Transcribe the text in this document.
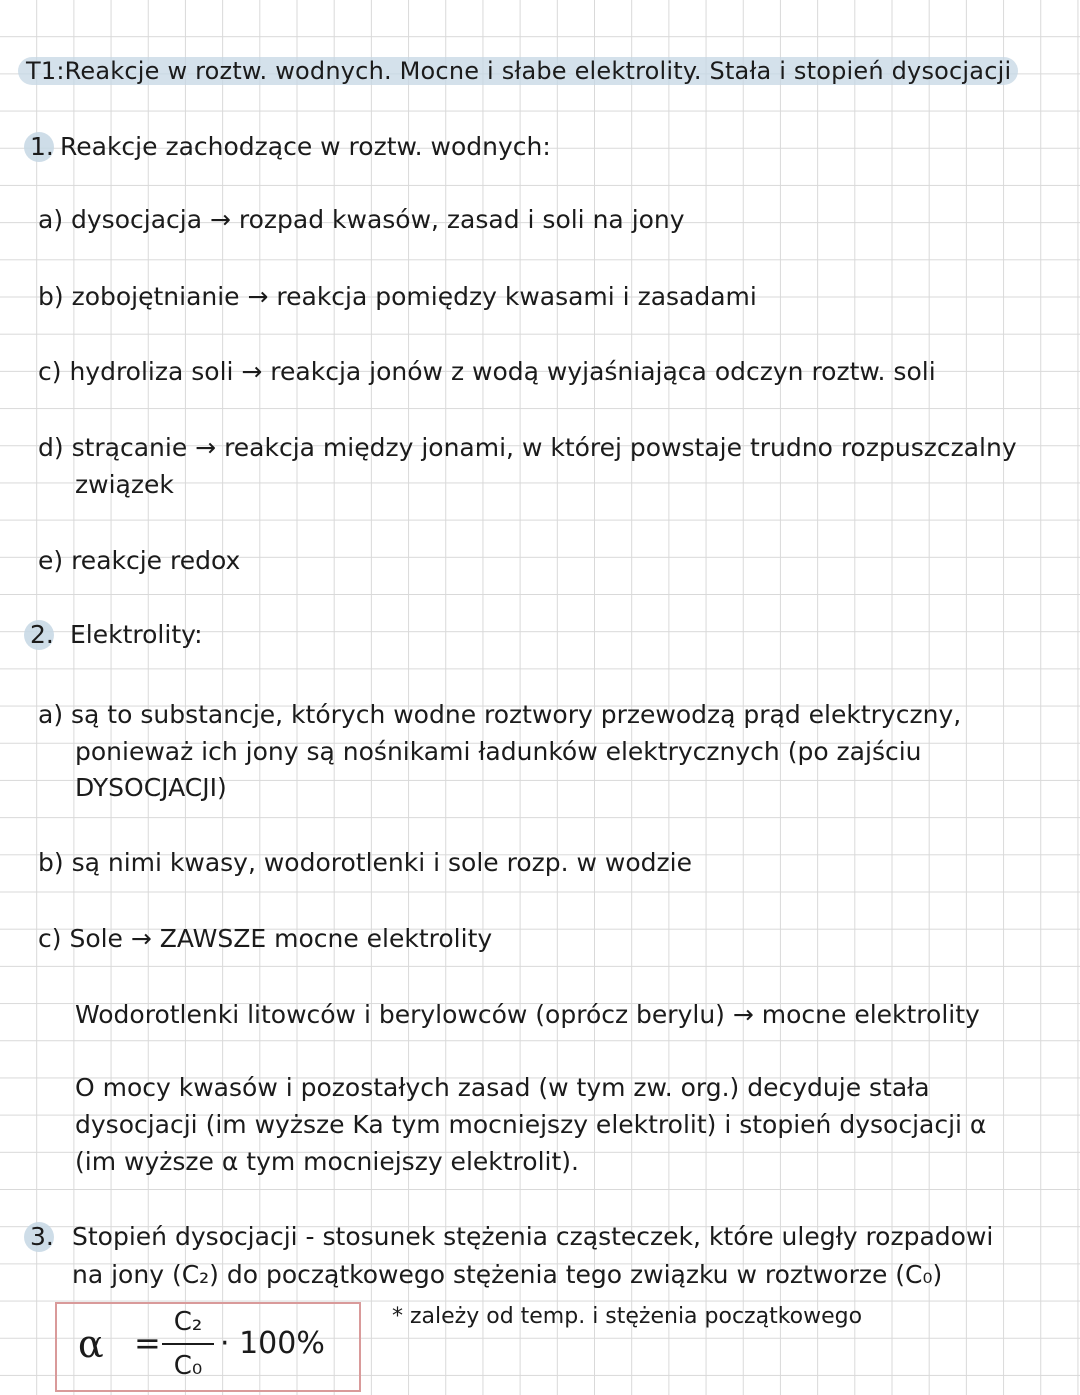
T1:Reakcje w roztw. wodnych. Mocne i słabe elektrolity. Stała i stopień dysocjacji
1. Reakcje zachodzące w roztw. wodnych:
a) dysocjacja → rozpad kwasów, zasad i soli na jony
b) zobojętnianie → reakcja pomiędzy kwasami i zasadami
c) hydroliza soli → reakcja jonów z wodą wyjaśniająca odczyn roztw. soli
d) strącanie → reakcja między jonami, w której powstaje trudno rozpuszczalny
związek
e) reakcje redox
2. Elektrolity:
a) są to substancje, których wodne roztwory przewodzą prąd elektryczny,
ponieważ ich jony są nośnikami ładunków elektrycznych (po zajściu
DYSOCJACJI)
b) są nimi kwasy, wodorotlenki i sole rozp. w wodzie
c) Sole → ZAWSZE mocne elektrolity
Wodorotlenki litowców i berylowców (oprócz berylu) → mocne elektrolity
O mocy kwasów i pozostałych zasad (w tym zw. org.) decyduje stała
dysocjacji (im wyższe Ka tym mocniejszy elektrolit) i stopień dysocjacji α
(im wyższe α tym mocniejszy elektrolit).
3. Stopień dysocjacji - stosunek stężenia cząsteczek, które uległy rozpadowi
na jony (C₂) do początkowego stężenia tego związku w roztworze (C₀)
α =
C₂
C₀
· 100%
* zależy od temp. i stężenia początkowego
